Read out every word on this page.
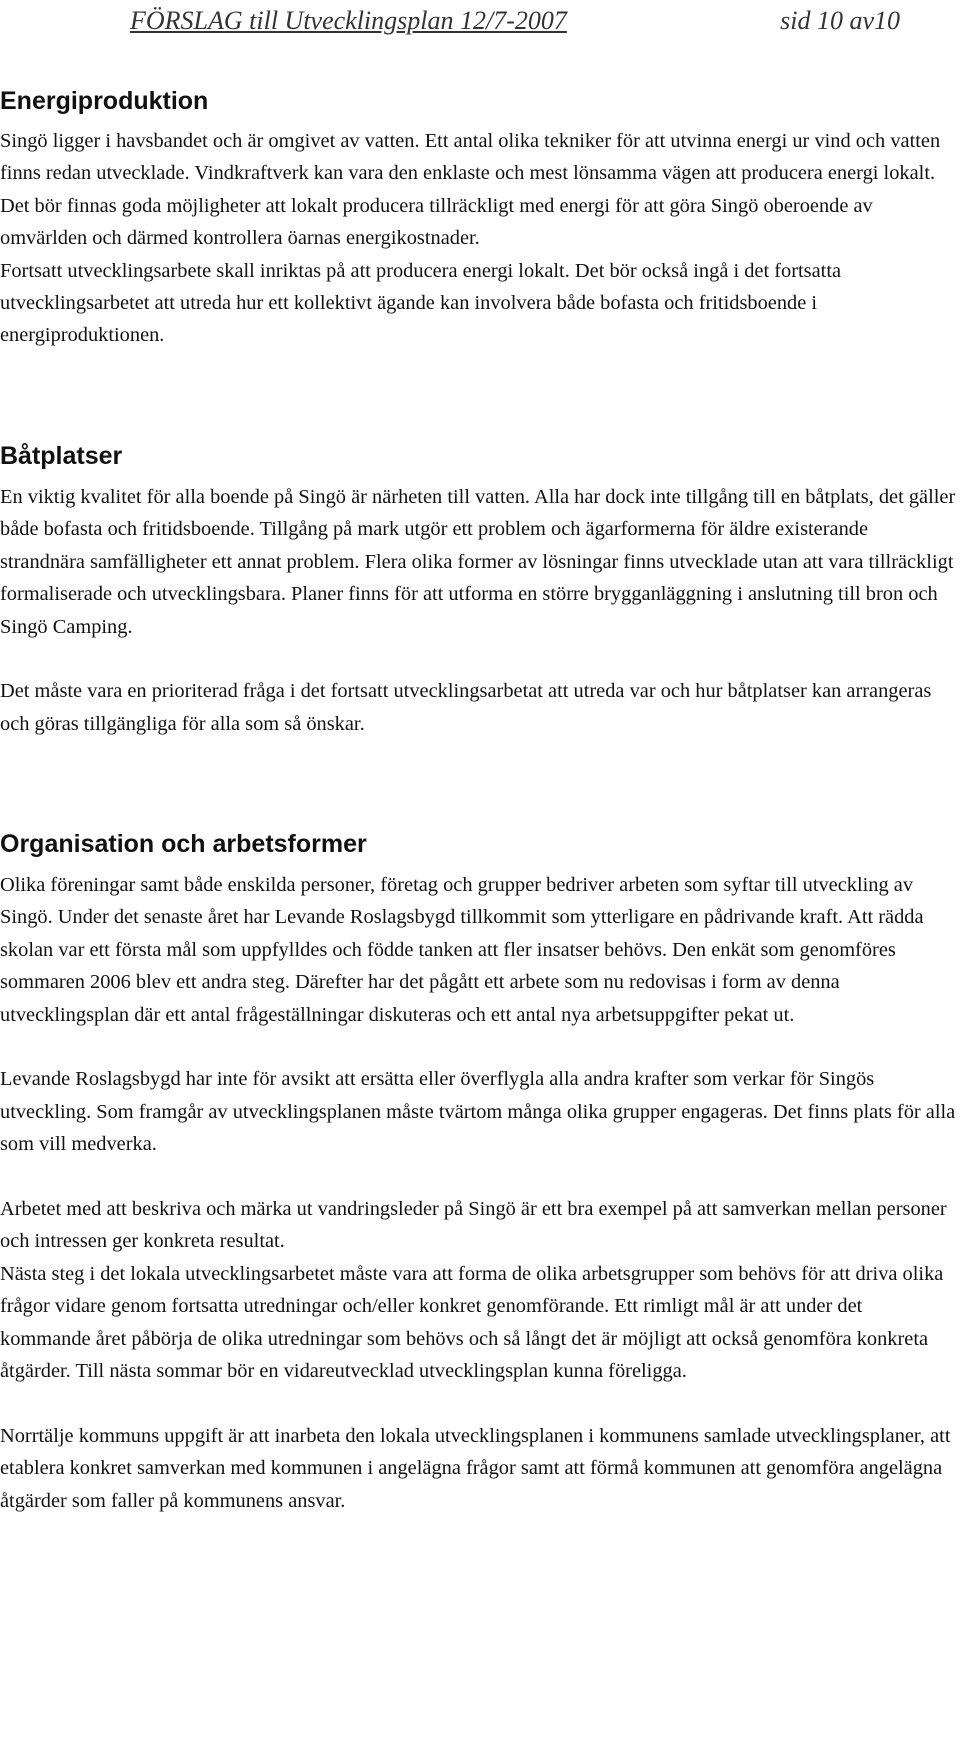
FÖRSLAG till Utvecklingsplan 12/7-2007	sid 10 av10
Energiproduktion

Singö ligger i havsbandet och är omgivet av vatten. Ett antal olika tekniker för att utvinna energi ur vind och vatten finns redan utvecklade. Vindkraftverk kan vara den enklaste och mest lönsamma vägen att producera energi lokalt. Det bör finnas goda möjligheter att lokalt producera tillräckligt med energi för att göra Singö oberoende av omvärlden och därmed kontrollera öarnas energikostnader.

Fortsatt utvecklingsarbete skall inriktas på att producera energi lokalt. Det bör också ingå i det fortsatta utvecklingsarbetet att utreda hur ett kollektivt ägande kan involvera både bofasta och fritidsboende i energiproduktionen.

Båtplatser

En viktig kvalitet för alla boende på Singö är närheten till vatten. Alla har dock inte tillgång till en båtplats, det gäller både bofasta och fritidsboende. Tillgång på mark utgör ett problem och ägarformerna för äldre existerande strandnära samfälligheter ett annat problem. Flera olika former av lösningar finns utvecklade utan att vara tillräckligt formaliserade och utvecklingsbara. Planer finns för att utforma en större brygganläggning i anslutning till bron och Singö Camping.

Det måste vara en prioriterad fråga i det fortsatt utvecklingsarbetat att utreda var och hur båtplatser kan arrangeras och göras tillgängliga för alla som så önskar.

Organisation och arbetsformer

Olika föreningar samt både enskilda personer, företag och grupper bedriver arbeten som syftar till utveckling av Singö. Under det senaste året har Levande Roslagsbygd tillkommit som ytterligare en pådrivande kraft. Att rädda skolan var ett första mål som uppfylldes och födde tanken att fler insatser behövs. Den enkät som genomföres sommaren 2006 blev ett andra steg. Därefter har det pågått ett arbete som nu redovisas i form av denna utvecklingsplan där ett antal frågeställningar diskuteras och ett antal nya arbetsuppgifter pekat ut.

Levande Roslagsbygd har inte för avsikt att ersätta eller överflygla alla andra krafter som verkar för Singös utveckling. Som framgår av utvecklingsplanen måste tvärtom många olika grupper engageras. Det finns plats för alla som vill medverka.

Arbetet med att beskriva och märka ut vandringsleder på Singö är ett bra exempel på att samverkan mellan personer och intressen ger konkreta resultat.

Nästa steg i det lokala utvecklingsarbetet måste vara att forma de olika arbetsgrupper som behövs för att driva olika frågor vidare genom fortsatta utredningar och/eller konkret genomförande. Ett rimligt mål är att under det kommande året påbörja de olika utredningar som behövs och så långt det är möjligt att också genomföra konkreta åtgärder. Till nästa sommar bör en vidareutvecklad utvecklingsplan kunna föreligga.

Norrtälje kommuns uppgift är att inarbeta den lokala utvecklingsplanen i kommunens samlade utvecklingsplaner, att etablera konkret samverkan med kommunen i angelägna frågor samt att förmå kommunen att genomföra angelägna åtgärder som faller på kommunens ansvar.
